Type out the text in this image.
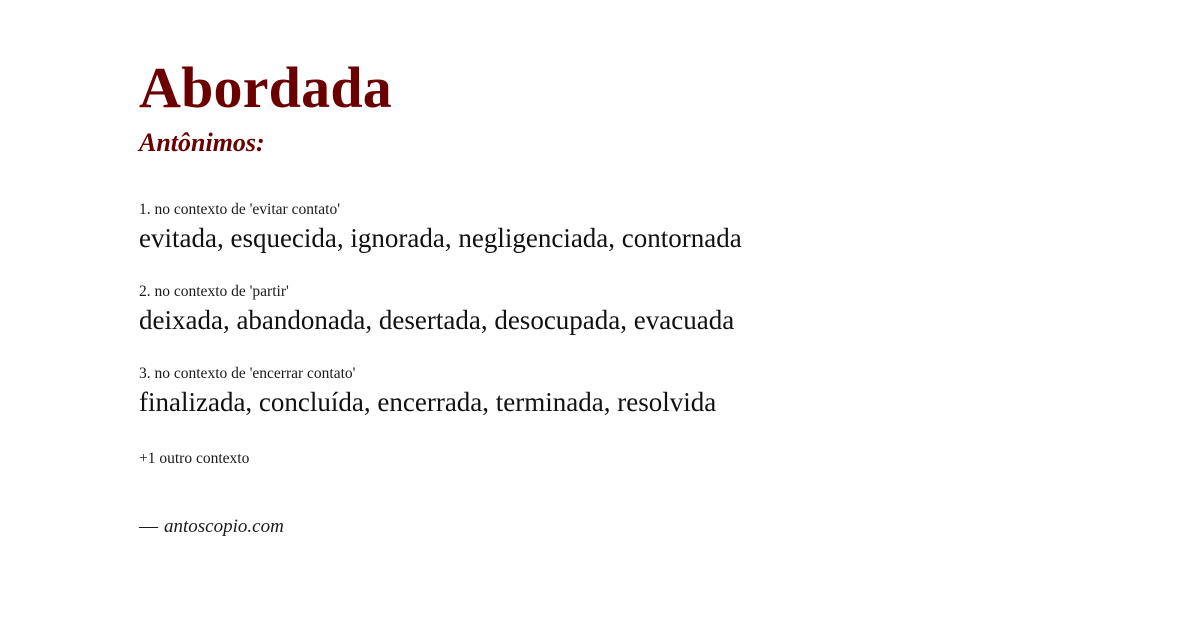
Abordada
Antônimos:
1. no contexto de 'evitar contato'
evitada, esquecida, ignorada, negligenciada, contornada
2. no contexto de 'partir'
deixada, abandonada, desertada, desocupada, evacuada
3. no contexto de 'encerrar contato'
finalizada, concluída, encerrada, terminada, resolvida
+1 outro contexto
— antoscopio.com
